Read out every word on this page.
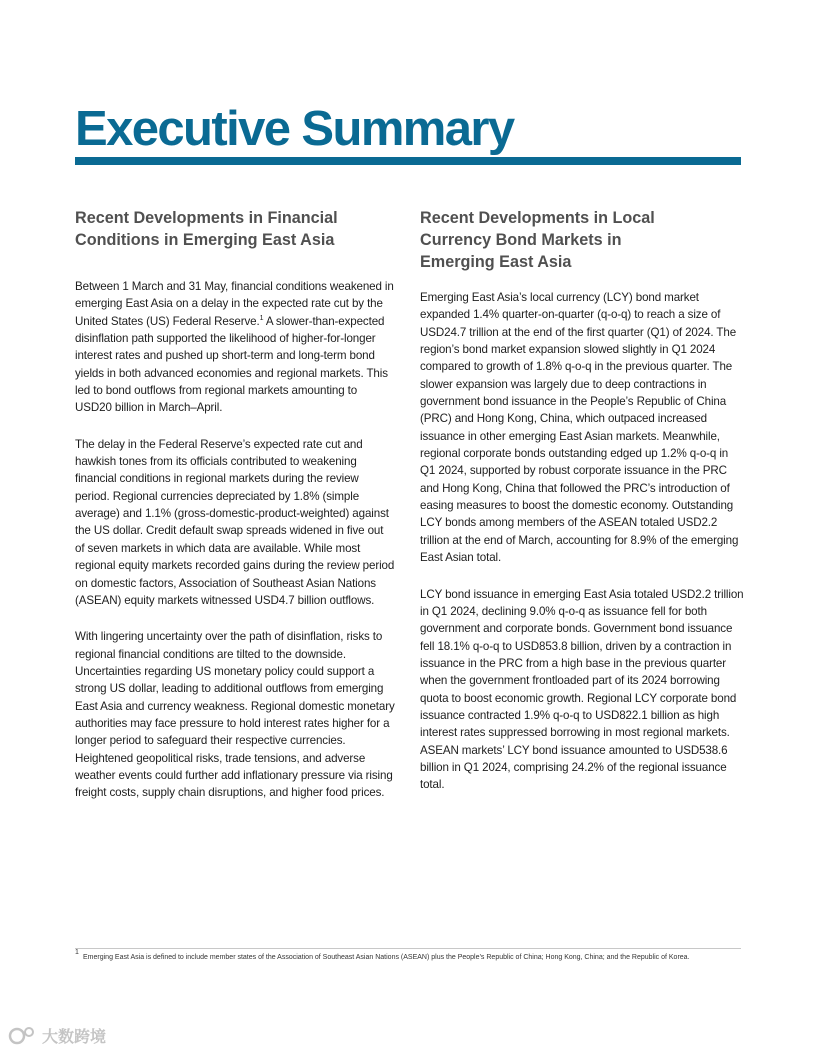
Executive Summary
Recent Developments in Financial Conditions in Emerging East Asia

Between 1 March and 31 May, financial conditions weakened in emerging East Asia on a delay in the expected rate cut by the United States (US) Federal Reserve.$^1$ A slower-than-expected disinflation path supported the likelihood of higher-for-longer interest rates and pushed up short-term and long-term bond yields in both advanced economies and regional markets. This led to bond outflows from regional markets amounting to USD20 billion in March–April.

The delay in the Federal Reserve’s expected rate cut and hawkish tones from its officials contributed to weakening financial conditions in regional markets during the review period. Regional currencies depreciated by 1.8% (simple average) and 1.1% (gross-domestic-product-weighted) against the US dollar. Credit default swap spreads widened in five out of seven markets in which data are available. While most regional equity markets recorded gains during the review period on domestic factors, Association of Southeast Asian Nations (ASEAN) equity markets witnessed USD4.7 billion outflows.

With lingering uncertainty over the path of disinflation, risks to regional financial conditions are tilted to the downside. Uncertainties regarding US monetary policy could support a strong US dollar, leading to additional outflows from emerging East Asia and currency weakness. Regional domestic monetary authorities may face pressure to hold interest rates higher for a longer period to safeguard their respective currencies. Heightened geopolitical risks, trade tensions, and adverse weather events could further add inflationary pressure via rising freight costs, supply chain disruptions, and higher food prices.

Recent Developments in Local Currency Bond Markets in Emerging East Asia

Emerging East Asia’s local currency (LCY) bond market expanded 1.4% quarter-on-quarter (q-o-q) to reach a size of USD24.7 trillion at the end of the first quarter (Q1) of 2024. The region’s bond market expansion slowed slightly in Q1 2024 compared to growth of 1.8% q-o-q in the previous quarter. The slower expansion was largely due to deep contractions in government bond issuance in the People’s Republic of China (PRC) and Hong Kong, China, which outpaced increased issuance in other emerging East Asian markets. Meanwhile, regional corporate bonds outstanding edged up 1.2% q-o-q in Q1 2024, supported by robust corporate issuance in the PRC and Hong Kong, China that followed the PRC’s introduction of easing measures to boost the domestic economy. Outstanding LCY bonds among members of the ASEAN totaled USD2.2 trillion at the end of March, accounting for 8.9% of the emerging East Asian total.

LCY bond issuance in emerging East Asia totaled USD2.2 trillion in Q1 2024, declining 9.0% q-o-q as issuance fell for both government and corporate bonds. Government bond issuance fell 18.1% q-o-q to USD853.8 billion, driven by a contraction in issuance in the PRC from a high base in the previous quarter when the government frontloaded part of its 2024 borrowing quota to boost economic growth. Regional LCY corporate bond issuance contracted 1.9% q-o-q to USD822.1 billion as high interest rates suppressed borrowing in most regional markets. ASEAN markets’ LCY bond issuance amounted to USD538.6 billion in Q1 2024, comprising 24.2% of the regional issuance total.

1
Emerging East Asia is defined to include member states of the Association of Southeast Asian Nations (ASEAN) plus the People’s Republic of China; Hong Kong, China; and the Republic of Korea.
大数跨境
